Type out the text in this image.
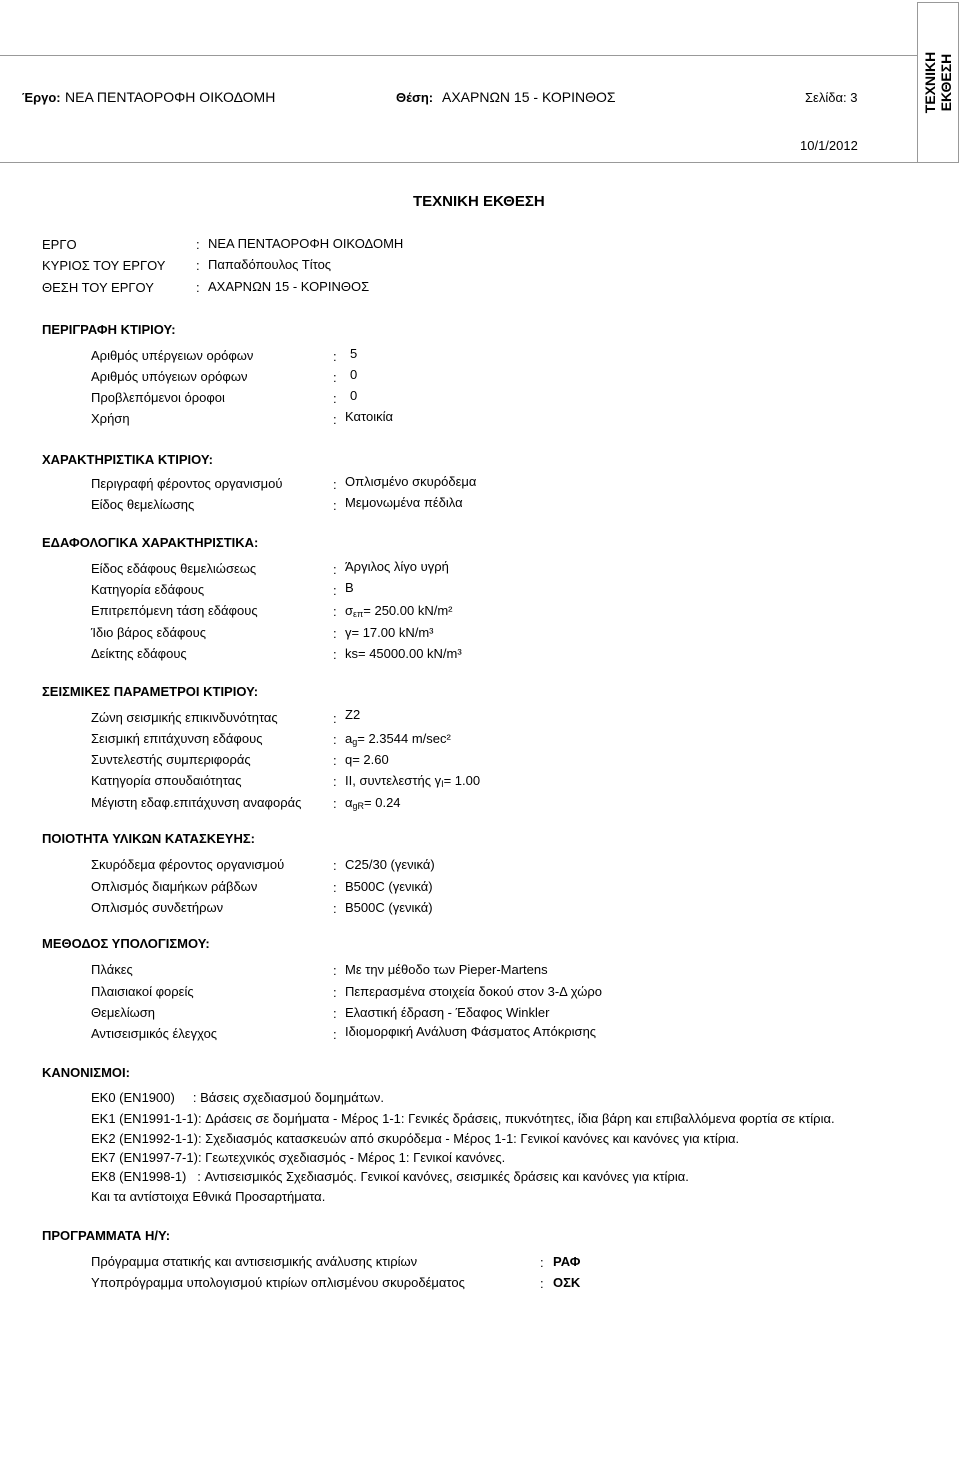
ΤΕΧΝΙΚΗ ΕΚΘΕΣΗ
Έργο: ΝΕΑ ΠΕΝΤΑΟΡΟΦΗ ΟΙΚΟΔΟΜΗ	Θέση: ΑΧΑΡΝΩΝ 15 - ΚΟΡΙΝΘΟΣ	Σελίδα: 3
10/1/2012
ΤΕΧΝΙΚΗ ΕΚΘΕΣΗ
ΕΡΓΟ	: ΝΕΑ ΠΕΝΤΑΟΡΟΦΗ ΟΙΚΟΔΟΜΗ
ΚΥΡΙΟΣ ΤΟΥ ΕΡΓΟΥ : Παπαδόπουλος Τίτος
ΘΕΣΗ ΤΟΥ ΕΡΓΟΥ	: ΑΧΑΡΝΩΝ 15 - ΚΟΡΙΝΘΟΣ
ΠΕΡΙΓΡΑΦΗ ΚΤΙΡΙΟΥ:
Αριθμός υπέργειων ορόφων	: 5
Αριθμός υπόγειων ορόφων	: 0
Προβλεπόμενοι όροφοι	: 0
Χρήση	: Κατοικία
ΧΑΡΑΚΤΗΡΙΣΤΙΚΑ ΚΤΙΡΙΟΥ:
Περιγραφή φέροντος οργανισμού	: Οπλισμένο σκυρόδεμα
Είδος θεμελίωσης	: Μεμονωμένα πέδιλα
ΕΔΑΦΟΛΟΓΙΚΑ ΧΑΡΑΚΤΗΡΙΣΤΙΚΑ:
Είδος εδάφους θεμελιώσεως	: Άργιλος λίγο υγρή
Κατηγορία εδάφους	: B
Επιτρεπόμενη τάση εδάφους	: $\sigma_{\varepsilon\pi}= 250.00$ kN/m²
Ίδιο βάρος εδάφους	: γ= 17.00 kN/m³
Δείκτης εδάφους	: ks= 45000.00 kN/m³
ΣΕΙΣΜΙΚΕΣ ΠΑΡΑΜΕΤΡΟΙ ΚΤΙΡΙΟΥ:
Ζώνη σεισμικής επικινδυνότητας	: Z2
Σεισμική επιτάχυνση εδάφους	: $a_g= 2.3544$ m/sec²
Συντελεστής συμπεριφοράς	: q= 2.60
Κατηγορία σπουδαιότητας	: II, συντελεστής $\gamma_I= 1.00$
Μέγιστη εδαφ.επιτάχυνση αναφοράς : $\alpha_{gR}= 0.24$
ΠΟΙΟΤΗΤΑ ΥΛΙΚΩΝ ΚΑΤΑΣΚΕΥΗΣ:
Σκυρόδεμα φέροντος οργανισμού	: C25/30 (γενικά)
Οπλισμός διαμήκων ράβδων	: B500C (γενικά)
Οπλισμός συνδετήρων	: B500C (γενικά)
ΜΕΘΟΔΟΣ ΥΠΟΛΟΓΙΣΜΟΥ:
Πλάκες	: Με την μέθοδο των Pieper-Martens
Πλαισιακοί φορείς	: Πεπερασμένα στοιχεία δοκού στον 3-Δ χώρο
Θεμελίωση	: Ελαστική έδραση - Έδαφος Winkler
Αντισεισμικός έλεγχος	: Ιδιομορφική Ανάλυση Φάσματος Απόκρισης
ΚΑΝΟΝΙΣΜΟΙ:
EK0 (EN1900)     : Βάσεις σχεδιασμού δομημάτων.
EK1 (EN1991-1-1): Δράσεις σε δομήματα - Μέρος 1-1: Γενικές δράσεις, πυκνότητες, ίδια βάρη και επιβαλλόμενα φορτία σε κτίρια.
EK2 (EN1992-1-1): Σχεδιασμός κατασκευών από σκυρόδεμα - Μέρος 1-1: Γενικοί κανόνες και κανόνες για κτίρια.
EK7 (EN1997-7-1): Γεωτεχνικός σχεδιασμός - Μέρος 1: Γενικοί κανόνες.
EK8 (EN1998-1)   : Αντισεισμικός Σχεδιασμός. Γενικοί κανόνες, σεισμικές δράσεις και κανόνες για κτίρια.
Και τα αντίστοιχα Εθνικά Προσαρτήματα.
ΠΡΟΓΡΑΜΜΑΤΑ Η/Υ:
Πρόγραμμα στατικής και αντισεισμικής ανάλυσης κτιρίων	: ΡΑΦ
Υποπρόγραμμα υπολογισμού κτιρίων οπλισμένου σκυροδέματος	: ΟΣΚ
